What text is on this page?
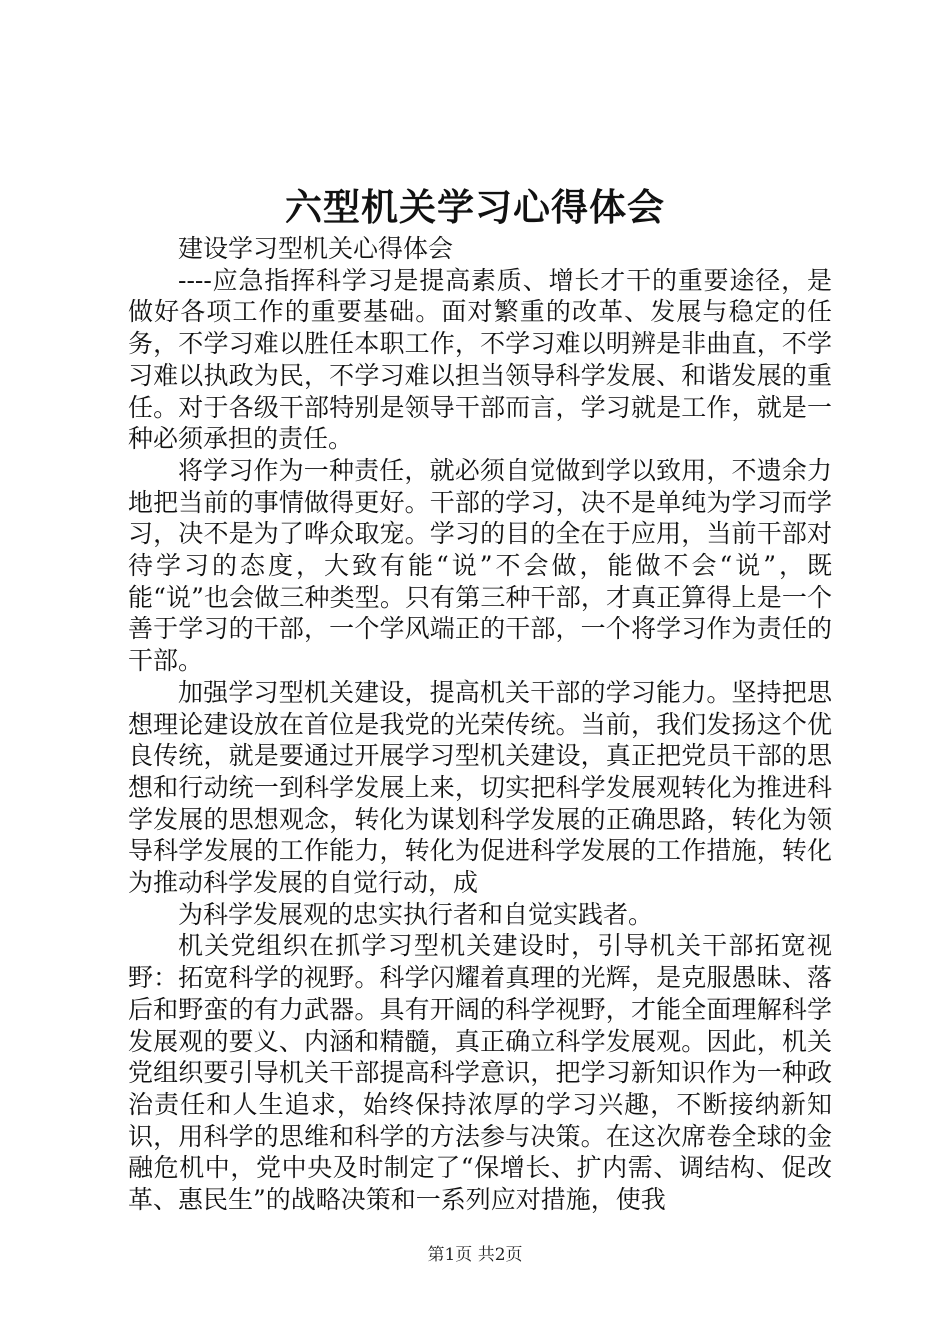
六型机关学习心得体会

建设学习型机关心得体会

----应急指挥科学习是提高素质、增长才干的重要途径，是做好各项工作的重要基础。面对繁重的改革、发展与稳定的任务，不学习难以胜任本职工作，不学习难以明辨是非曲直，不学习难以执政为民，不学习难以担当领导科学发展、和谐发展的重任。对于各级干部特别是领导干部而言，学习就是工作，就是一种必须承担的责任。

将学习作为一种责任，就必须自觉做到学以致用，不遗余力地把当前的事情做得更好。干部的学习，决不是单纯为学习而学习，决不是为了哗众取宠。学习的目的全在于应用，当前干部对待学习的态度，大致有能“说”不会做，能做不会“说”，既能“说”也会做三种类型。只有第三种干部，才真正算得上是一个善于学习的干部，一个学风端正的干部，一个将学习作为责任的干部。

加强学习型机关建设，提高机关干部的学习能力。坚持把思想理论建设放在首位是我党的光荣传统。当前，我们发扬这个优良传统，就是要通过开展学习型机关建设，真正把党员干部的思想和行动统一到科学发展上来，切实把科学发展观转化为推进科学发展的思想观念，转化为谋划科学发展的正确思路，转化为领导科学发展的工作能力，转化为促进科学发展的工作措施，转化为推动科学发展的自觉行动，成

为科学发展观的忠实执行者和自觉实践者。

机关党组织在抓学习型机关建设时，引导机关干部拓宽视野：拓宽科学的视野。科学闪耀着真理的光辉，是克服愚昧、落后和野蛮的有力武器。具有开阔的科学视野，才能全面理解科学发展观的要义、内涵和精髓，真正确立科学发展观。因此，机关党组织要引导机关干部提高科学意识，把学习新知识作为一种政治责任和人生追求，始终保持浓厚的学习兴趣，不断接纳新知识，用科学的思维和科学的方法参与决策。在这次席卷全球的金融危机中，党中央及时制定了“保增长、扩内需、调结构、促改革、惠民生”的战略决策和一系列应对措施，使我

第1页 共2页
